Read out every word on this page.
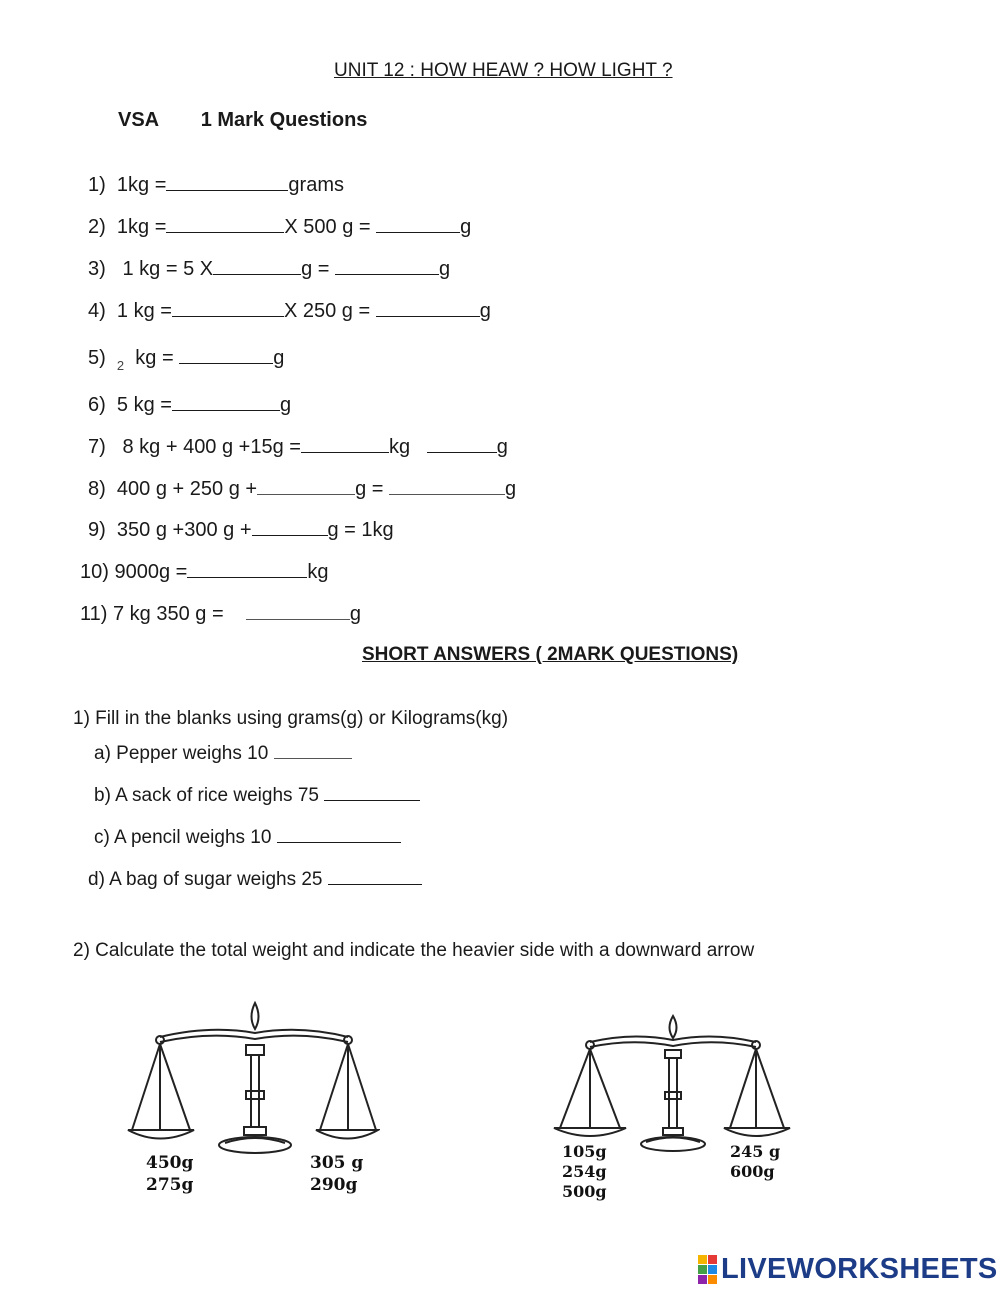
UNIT 12 : HOW HEAW ? HOW LIGHT ?
VSA 1 Mark Questions
1) 1kg =	grams
2) 1kg =	X 500 g =	g
3) 1 kg = 5 X	g =	g
4) 1 kg =	X 250 g =	g
5) $_2$ kg =	g
6) 5 kg =	g
7) 8 kg + 400 g +15g =	kg	g
8) 400 g + 250 g +	g =	g
9) 350 g +300 g +	g = 1kg
10) 9000g =	kg
11) 7 kg 350 g =	g
SHORT ANSWERS ( 2MARK QUESTIONS)
1) Fill in the blanks using grams(g) or Kilograms(kg)
a) Pepper weighs 10
b) A sack of rice weighs 75
c) A pencil weighs 10
d) A bag of sugar weighs 25
2) Calculate the total weight and indicate the heavier side with a downward arrow
450g
275g
305 g
290g
105g
254g
500g
245 g
600g
LIVEWORKSHEETS
